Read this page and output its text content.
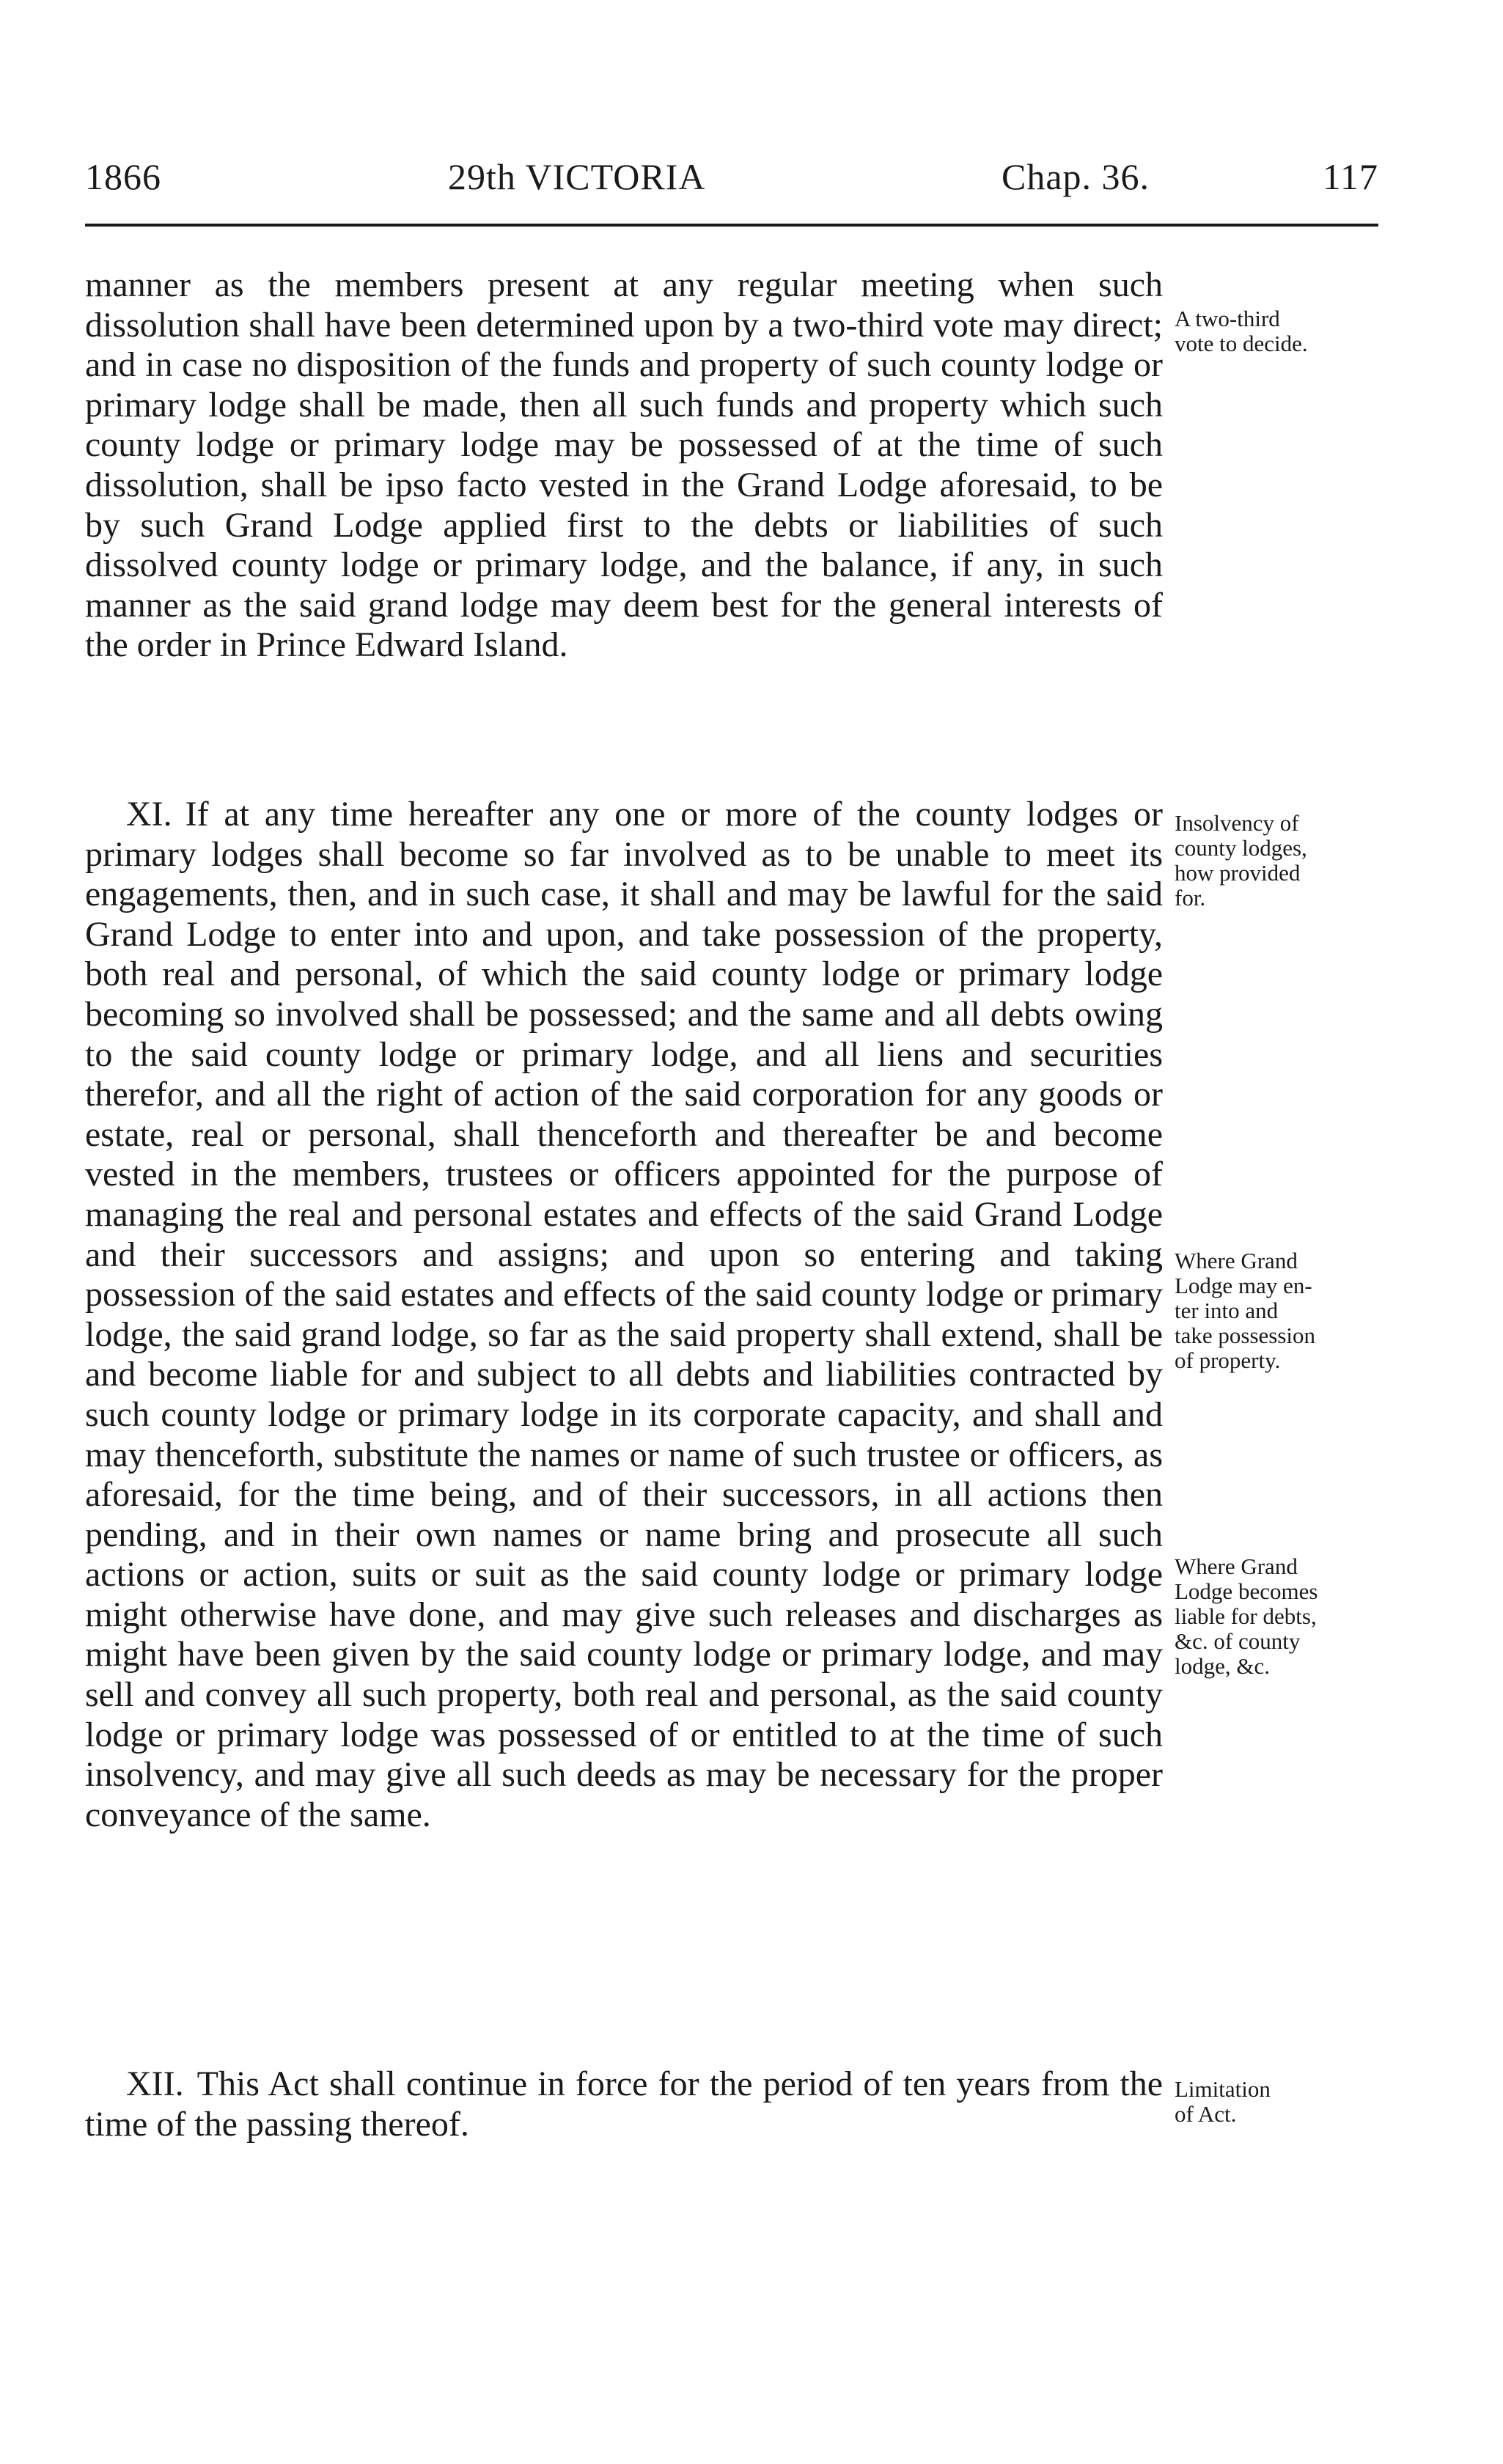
1866	29th VICTORIA	Chap. 36.	117

manner as the members present at any regular meeting when such dissolution shall have been determined upon by a two-third vote may direct; and in case no disposition of the funds and property of such county lodge or primary lodge shall be made, then all such funds and property which such county lodge or primary lodge may be possessed of at the time of such dissolution, shall be ipso facto vested in the Grand Lodge aforesaid, to be by such Grand Lodge applied first to the debts or liabilities of such dissolved county lodge or primary lodge, and the balance, if any, in such manner as the said grand lodge may deem best for the general interests of the order in Prince Edward Island.

XI. If at any time hereafter any one or more of the county lodges or primary lodges shall become so far involved as to be unable to meet its engagements, then, and in such case, it shall and may be lawful for the said Grand Lodge to enter into and upon, and take possession of the property, both real and personal, of which the said county lodge or primary lodge becoming so involved shall be possessed; and the same and all debts owing to the said county lodge or primary lodge, and all liens and securities therefor, and all the right of action of the said corporation for any goods or estate, real or personal, shall thenceforth and thereafter be and become vested in the members, trustees or officers appointed for the purpose of managing the real and personal estates and effects of the said Grand Lodge and their successors and assigns; and upon so entering and taking possession of the said estates and effects of the said county lodge or primary lodge, the said grand lodge, so far as the said property shall extend, shall be and become liable for and subject to all debts and liabilities contracted by such county lodge or primary lodge in its corporate capacity, and shall and may thenceforth, substitute the names or name of such trustee or officers, as aforesaid, for the time being, and of their successors, in all actions then pending, and in their own names or name bring and prosecute all such actions or action, suits or suit as the said county lodge or primary lodge might otherwise have done, and may give such releases and discharges as might have been given by the said county lodge or primary lodge, and may sell and convey all such property, both real and personal, as the said county lodge or primary lodge was possessed of or entitled to at the time of such insolvency, and may give all such deeds as may be necessary for the proper conveyance of the same.

XII. This Act shall continue in force for the period of ten years from the time of the passing thereof.

A two-third
vote to decide.

Insolvency of
county lodges,
how provided
for.

Where Grand
Lodge may en-
ter into and
take possession
of property.

Where Grand
Lodge becomes
liable for debts,
&c. of county
lodge, &c.

Limitation
of Act.
